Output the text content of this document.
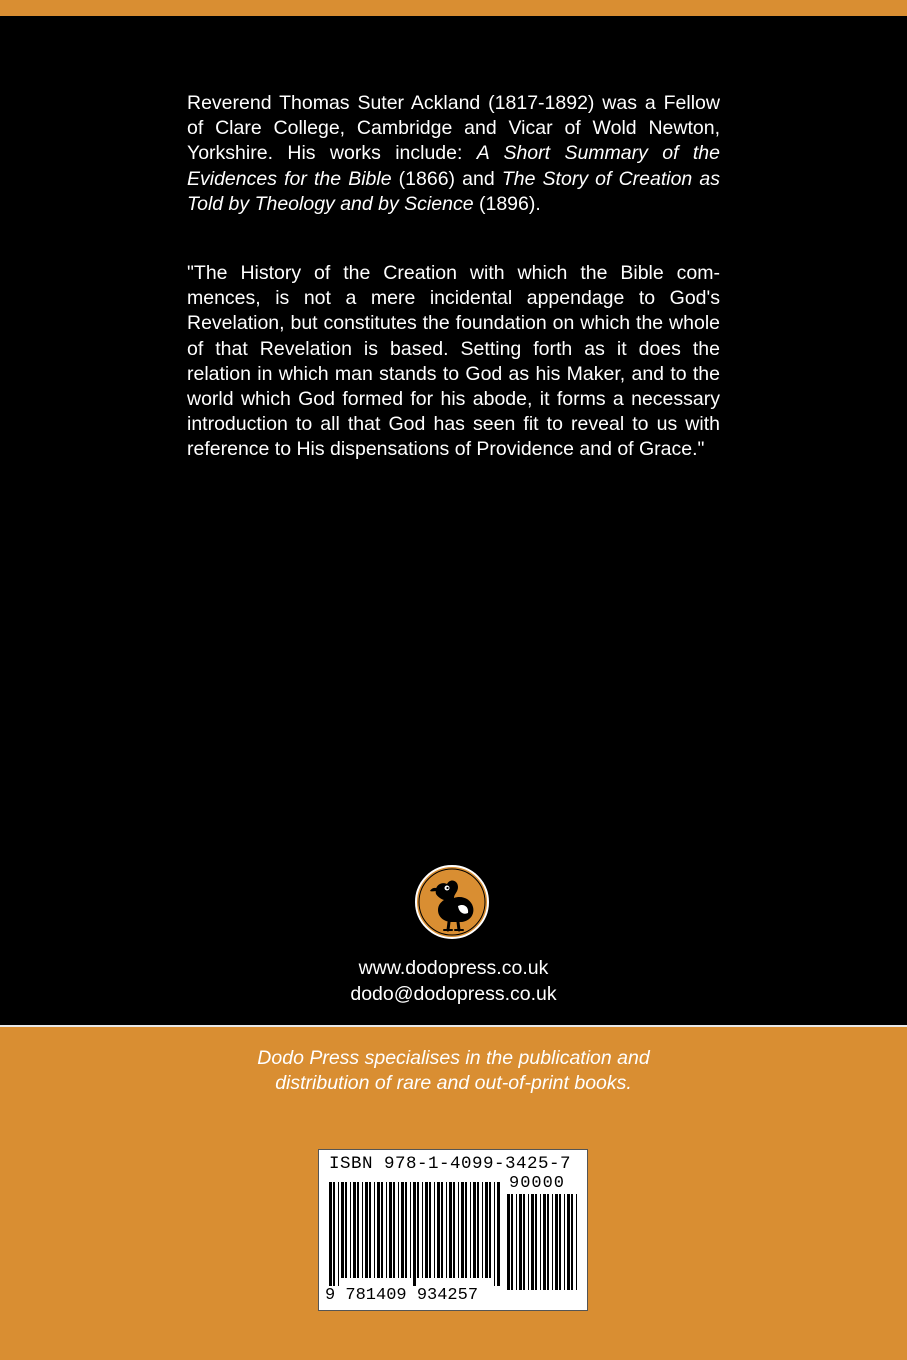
Reverend Thomas Suter Ackland (1817-1892) was a Fellow of Clare College, Cambridge and Vicar of Wold Newton, Yorkshire. His works include: A Short Summary of the Evidences for the Bible (1866) and The Story of Creation as Told by Theology and by Science (1896).

"The History of the Creation with which the Bible com-mences, is not a mere incidental appendage to God's Revelation, but constitutes the foundation on which the whole of that Revelation is based. Setting forth as it does the relation in which man stands to God as his Maker, and to the world which God formed for his abode, it forms a necessary introduction to all that God has seen fit to reveal to us with reference to His dispensations of Providence and of Grace."

www.dodopress.co.uk
dodo@dodopress.co.uk
Dodo Press specialises in the publication and
distribution of rare and out-of-print books.
ISBN 978-1-4099-3425-7
90000
9 781409 934257
